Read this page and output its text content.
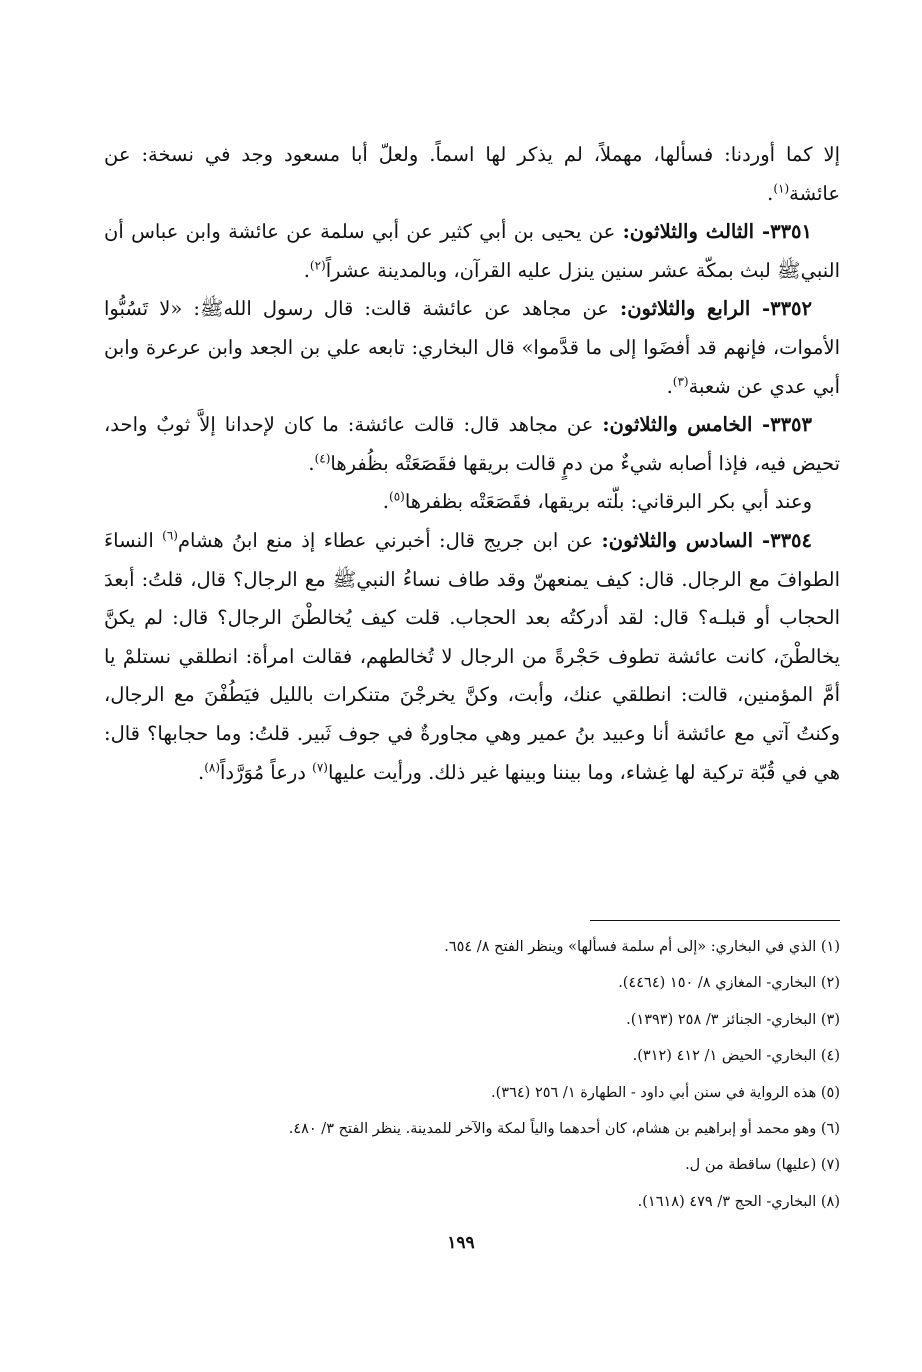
إلا كما أوردنا: فسألها، مهملاً، لم يذكر لها اسماً. ولعلّ أبا مسعود وجد في نسخة: عن عائشة$^{(١)}$.

٣٣٥١- الثالث والثلاثون: عن يحيى بن أبي كثير عن أبي سلمة عن عائشة وابن عباس أن النبيﷺ لبث بمكّة عشر سنين ينزل عليه القرآن، وبالمدينة عشراً$^{(٢)}$.

٣٣٥٢- الرابع والثلاثون: عن مجاهد عن عائشة قالت: قال رسول اللهﷺ: «لا تَسُبُّوا الأموات، فإنهم قد أفضَوا إلى ما قدَّموا» قال البخاري: تابعه علي بن الجعد وابن عرعرة وابن أبي عدي عن شعبة$^{(٣)}$.

٣٣٥٣- الخامس والثلاثون: عن مجاهد قال: قالت عائشة: ما كان لإحدانا إلاَّ ثوبٌ واحد، تحيض فيه، فإذا أصابه شيءٌ من دمٍ قالت بريقها فقَصَعَتْه بظُفرها$^{(٤)}$.

وعند أبي بكر البرقاني: بلّته بريقها، فقَصَعَتْه بظفرها$^{(٥)}$.

٣٣٥٤- السادس والثلاثون: عن ابن جريج قال: أخبرني عطاء إذ منع ابنُ هشام$^{(٦)}$ النساءَ الطوافَ مع الرجال. قال: كيف يمنعهنّ وقد طاف نساءُ النبيﷺ مع الرجال؟ قال، قلتُ: أبعدَ الحجاب أو قبلـه؟ قال: لقد أدركتُه بعد الحجاب. قلت كيف يُخالطْنَ الرجال؟ قال: لم يكنَّ يخالطْنَ، كانت عائشة تطوف حَجْرةً من الرجال لا تُخالطهم، فقالت امرأة: انطلقي نستلمْ يا أمَّ المؤمنين، قالت: انطلقي عنك، وأبت، وكنَّ يخرجْنَ متنكرات بالليل فيَطُفْنَ مع الرجال، وكنتُ آتي مع عائشة أنا وعبيد بنُ عمير وهي مجاورةٌ في جوف ثَبير. قلتُ: وما حجابها؟ قال: هي في قُبّة تركية لها غِشاء، وما بيننا وبينها غير ذلك. ورأيت عليها$^{(٧)}$ درعاً مُوَرَّداً$^{(٨)}$.

(١) الذي في البخاري: «إلى أم سلمة فسألها» وينظر الفتح ٨/ ٦٥٤.

(٢) البخاري- المغازي ٨/ ١٥٠ (٤٤٦٤).

(٣) البخاري- الجنائز ٣/ ٢٥٨ (١٣٩٣).

(٤) البخاري- الحيض ١/ ٤١٢ (٣١٢).

(٥) هذه الرواية في سنن أبي داود - الطهارة ١/ ٢٥٦ (٣٦٤).

(٦) وهو محمد أو إبراهيم بن هشام، كان أحدهما والياً لمكة والآخر للمدينة. ينظر الفتح ٣/ ٤٨٠.

(٧) (عليها) ساقطة من ل.

(٨) البخاري- الحج ٣/ ٤٧٩ (١٦١٨).

١٩٩
